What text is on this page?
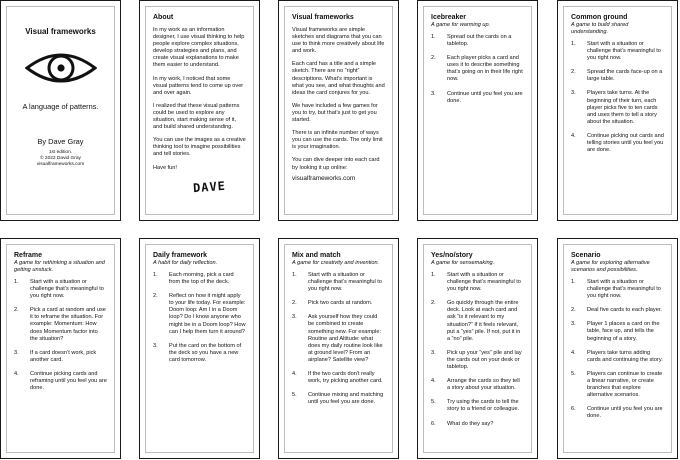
Visual frameworks
A language of patterns.
By Dave Gray
1st edition.
© 2022 David Gray
visualframeworks.com
About

In my work as an information designer, I use visual thinking to help people explore complex situations, develop strategies and plans, and create visual explanations to make them easier to understand.

In my work, I noticed that some visual patterns tend to come up over and over again.

I realized that these visual patterns could be used to explore any situation, start making sense of it, and build shared understanding.

You can use the images as a creative thinking tool to imagine possibilities and tell stories.

Have fun!

DAVE
Visual frameworks

Visual frameworks are simple sketches and diagrams that you can use to think more creatively about life and work.

Each card has a title and a simple sketch. There are no “right” descriptions. What’s important is what you see, and what thoughts and ideas the card conjures for you.

We have included a few games for you to try, but that’s just to get you started.

There is an infinite number of ways you can use the cards. The only limit is your imagination.

You can dive deeper into each card by looking it up online:

visualframeworks.com
Icebreaker
A game for warming up.
1.	Spread out the cards on a tabletop.
2.	Each player picks a card and uses it to describe something that’s going on in their life right now.
3.	Continue until you feel you are done.
Common ground
A game to build shared understanding.
1.	Start with a situation or challenge that’s meaningful to you right now.
2.	Spread the cards face-up on a large table.
3.	Players take turns. At the beginning of their turn, each player picks five to ten cards and uses them to tell a story about the situation.
4.	Continue picking out cards and telling stories until you feel you are done.
Reframe
A game for rethinking a situation and getting unstuck.
1.	Start with a situation or challenge that’s meaningful to you right now.
2.	Pick a card at random and use it to reframe the situation. For example: Momentum: How does Momentum factor into the situation?
3.	If a card doesn’t work, pick another card.
4.	Continue picking cards and reframing until you feel you are done.
Daily framework
A habit for daily reflection.
1.	Each morning, pick a card from the top of the deck.
2.	Reflect on how it might apply to your life today. For example: Doom loop: Am I in a Doom loop? Do I know anyone who might be in a Doom loop? How can I help them turn it around?
3.	Put the card on the bottom of the deck so you have a new card tomorrow.
Mix and match
A game for creativity and invention.
1.	Start with a situation or challenge that’s meaningful to you right now.
2.	Pick two cards at random.
3.	Ask yourself how they could be combined to create something new. For example: Routine and Altitude: what does my daily routine look like at ground level? From an airplane? Satellite view?
4.	If the two cards don’t really work, try picking another card.
5.	Continue mixing and matching until you feel you are done.
Yes/no/story
A game for sensemaking.
1.	Start with a situation or challenge that’s meaningful to you right now.
2.	Go quickly through the entire deck. Look at each card and ask “is it relevant to my situation?” If it feels relevant, put a “yes” pile. If not, put it in a “no” pile.
3.	Pick up your “yes” pile and lay the cards out on your desk or tabletop.
4.	Arrange the cards so they tell a story about your situation.
5.	Try using the cards to tell the story to a friend or colleague.
6.	What do they say?
Scenario
A game for exploring alternative scenarios and possibilities.
1.	Start with a situation or challenge that’s meaningful to you right now.
2.	Deal five cards to each player.
3.	Player 1 places a card on the table, face up, and tells the beginning of a story.
4.	Players take turns adding cards and continuing the story.
5.	Players can continue to create a linear narrative, or create branches that explore alternative scenarios.
6.	Continue until you feel you are done.
